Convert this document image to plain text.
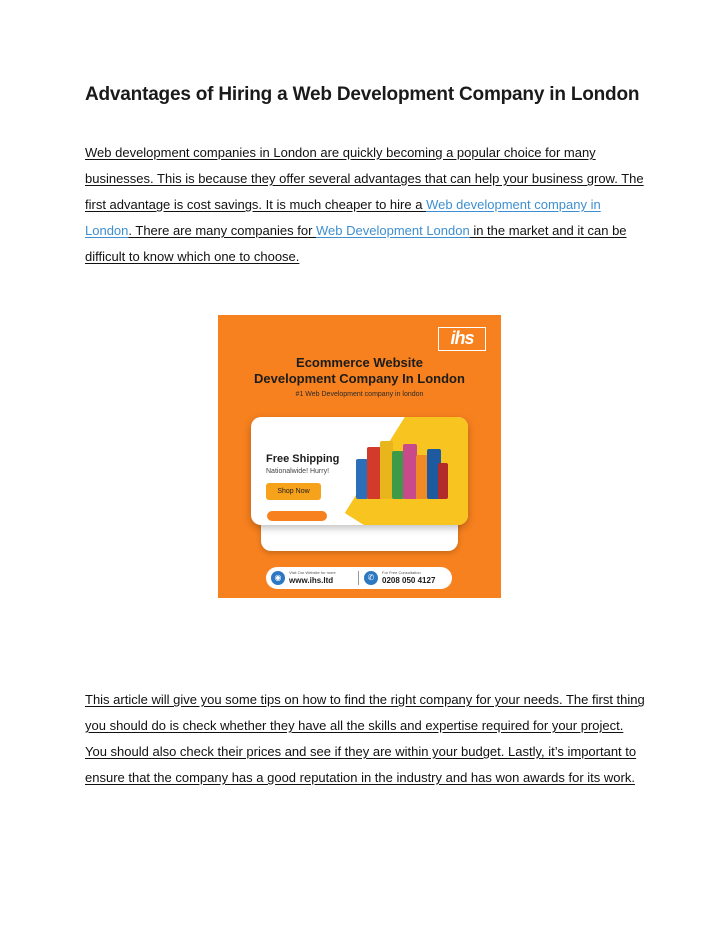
Advantages of Hiring a Web Development Company in London

Web development companies in London are quickly becoming a popular choice for many businesses. This is because they offer several advantages that can help your business grow. The first advantage is cost savings. It is much cheaper to hire a Web development company in London. There are many companies for Web Development London in the market and it can be difficult to know which one to choose.

ihs
Ecommerce Website
Development Company In London
#1 Web Development company in london
Free Shipping
Nationalwide! Hurry!
Shop Now
◉
Visit Our Website for more
www.ihs.ltd	✆
For Free Consultation
0208 050 4127

This article will give you some tips on how to find the right company for your needs. The first thing you should do is check whether they have all the skills and expertise required for your project. You should also check their prices and see if they are within your budget. Lastly, it’s important to ensure that the company has a good reputation in the industry and has won awards for its work.
